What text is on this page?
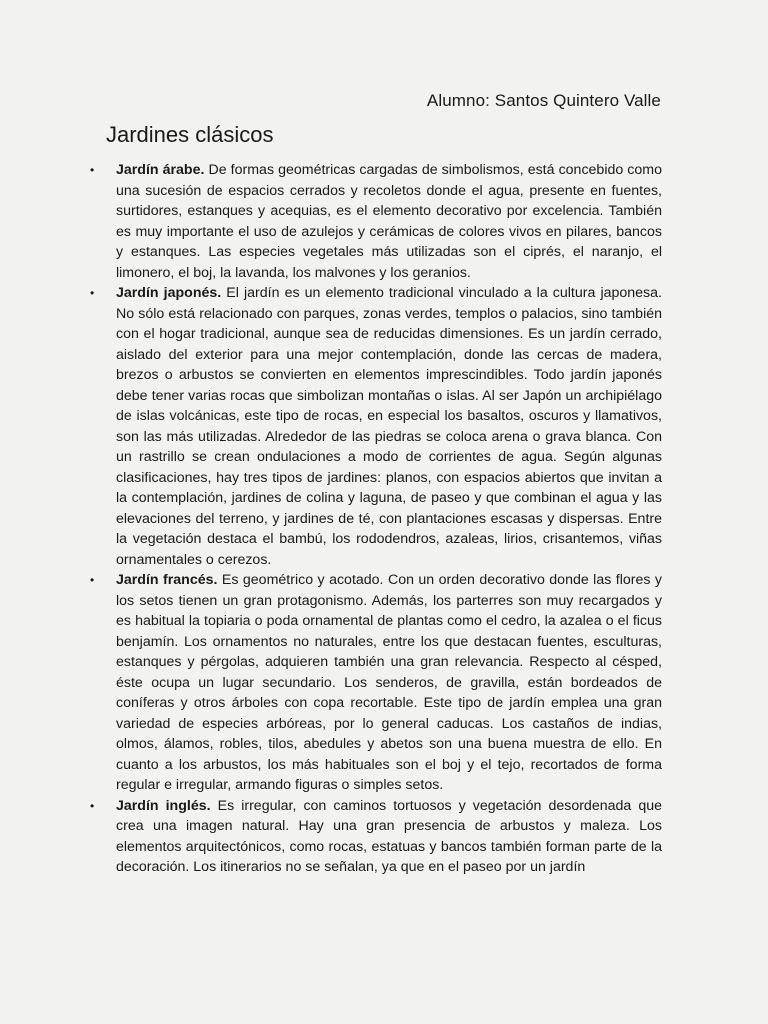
Alumno: Santos Quintero Valle
Jardines clásicos
• Jardín árabe. De formas geométricas cargadas de simbolismos, está concebido como una sucesión de espacios cerrados y recoletos donde el agua, presente en fuentes, surtidores, estanques y acequias, es el elemento decorativo por excelencia. También es muy importante el uso de azulejos y cerámicas de colores vivos en pilares, bancos y estanques. Las especies vegetales más utilizadas son el ciprés, el naranjo, el limonero, el boj, la lavanda, los malvones y los geranios.
• Jardín japonés. El jardín es un elemento tradicional vinculado a la cultura japonesa. No sólo está relacionado con parques, zonas verdes, templos o palacios, sino también con el hogar tradicional, aunque sea de reducidas dimensiones. Es un jardín cerrado, aislado del exterior para una mejor contemplación, donde las cercas de madera, brezos o arbustos se convierten en elementos imprescindibles. Todo jardín japonés debe tener varias rocas que simbolizan montañas o islas. Al ser Japón un archipiélago de islas volcánicas, este tipo de rocas, en especial los basaltos, oscuros y llamativos, son las más utilizadas. Alrededor de las piedras se coloca arena o grava blanca. Con un rastrillo se crean ondulaciones a modo de corrientes de agua. Según algunas clasificaciones, hay tres tipos de jardines: planos, con espacios abiertos que invitan a la contemplación, jardines de colina y laguna, de paseo y que combinan el agua y las elevaciones del terreno, y jardines de té, con plantaciones escasas y dispersas. Entre la vegetación destaca el bambú, los rododendros, azaleas, lirios, crisantemos, viñas ornamentales o cerezos.
• Jardín francés. Es geométrico y acotado. Con un orden decorativo donde las flores y los setos tienen un gran protagonismo. Además, los parterres son muy recargados y es habitual la topiaria o poda ornamental de plantas como el cedro, la azalea o el ficus benjamín. Los ornamentos no naturales, entre los que destacan fuentes, esculturas, estanques y pérgolas, adquieren también una gran relevancia. Respecto al césped, éste ocupa un lugar secundario. Los senderos, de gravilla, están bordeados de coníferas y otros árboles con copa recortable. Este tipo de jardín emplea una gran variedad de especies arbóreas, por lo general caducas. Los castaños de indias, olmos, álamos, robles, tilos, abedules y abetos son una buena muestra de ello. En cuanto a los arbustos, los más habituales son el boj y el tejo, recortados de forma regular e irregular, armando figuras o simples setos.
• Jardín inglés. Es irregular, con caminos tortuosos y vegetación desordenada que crea una imagen natural. Hay una gran presencia de arbustos y maleza. Los elementos arquitectónicos, como rocas, estatuas y bancos también forman parte de la decoración. Los itinerarios no se señalan, ya que en el paseo por un jardín
